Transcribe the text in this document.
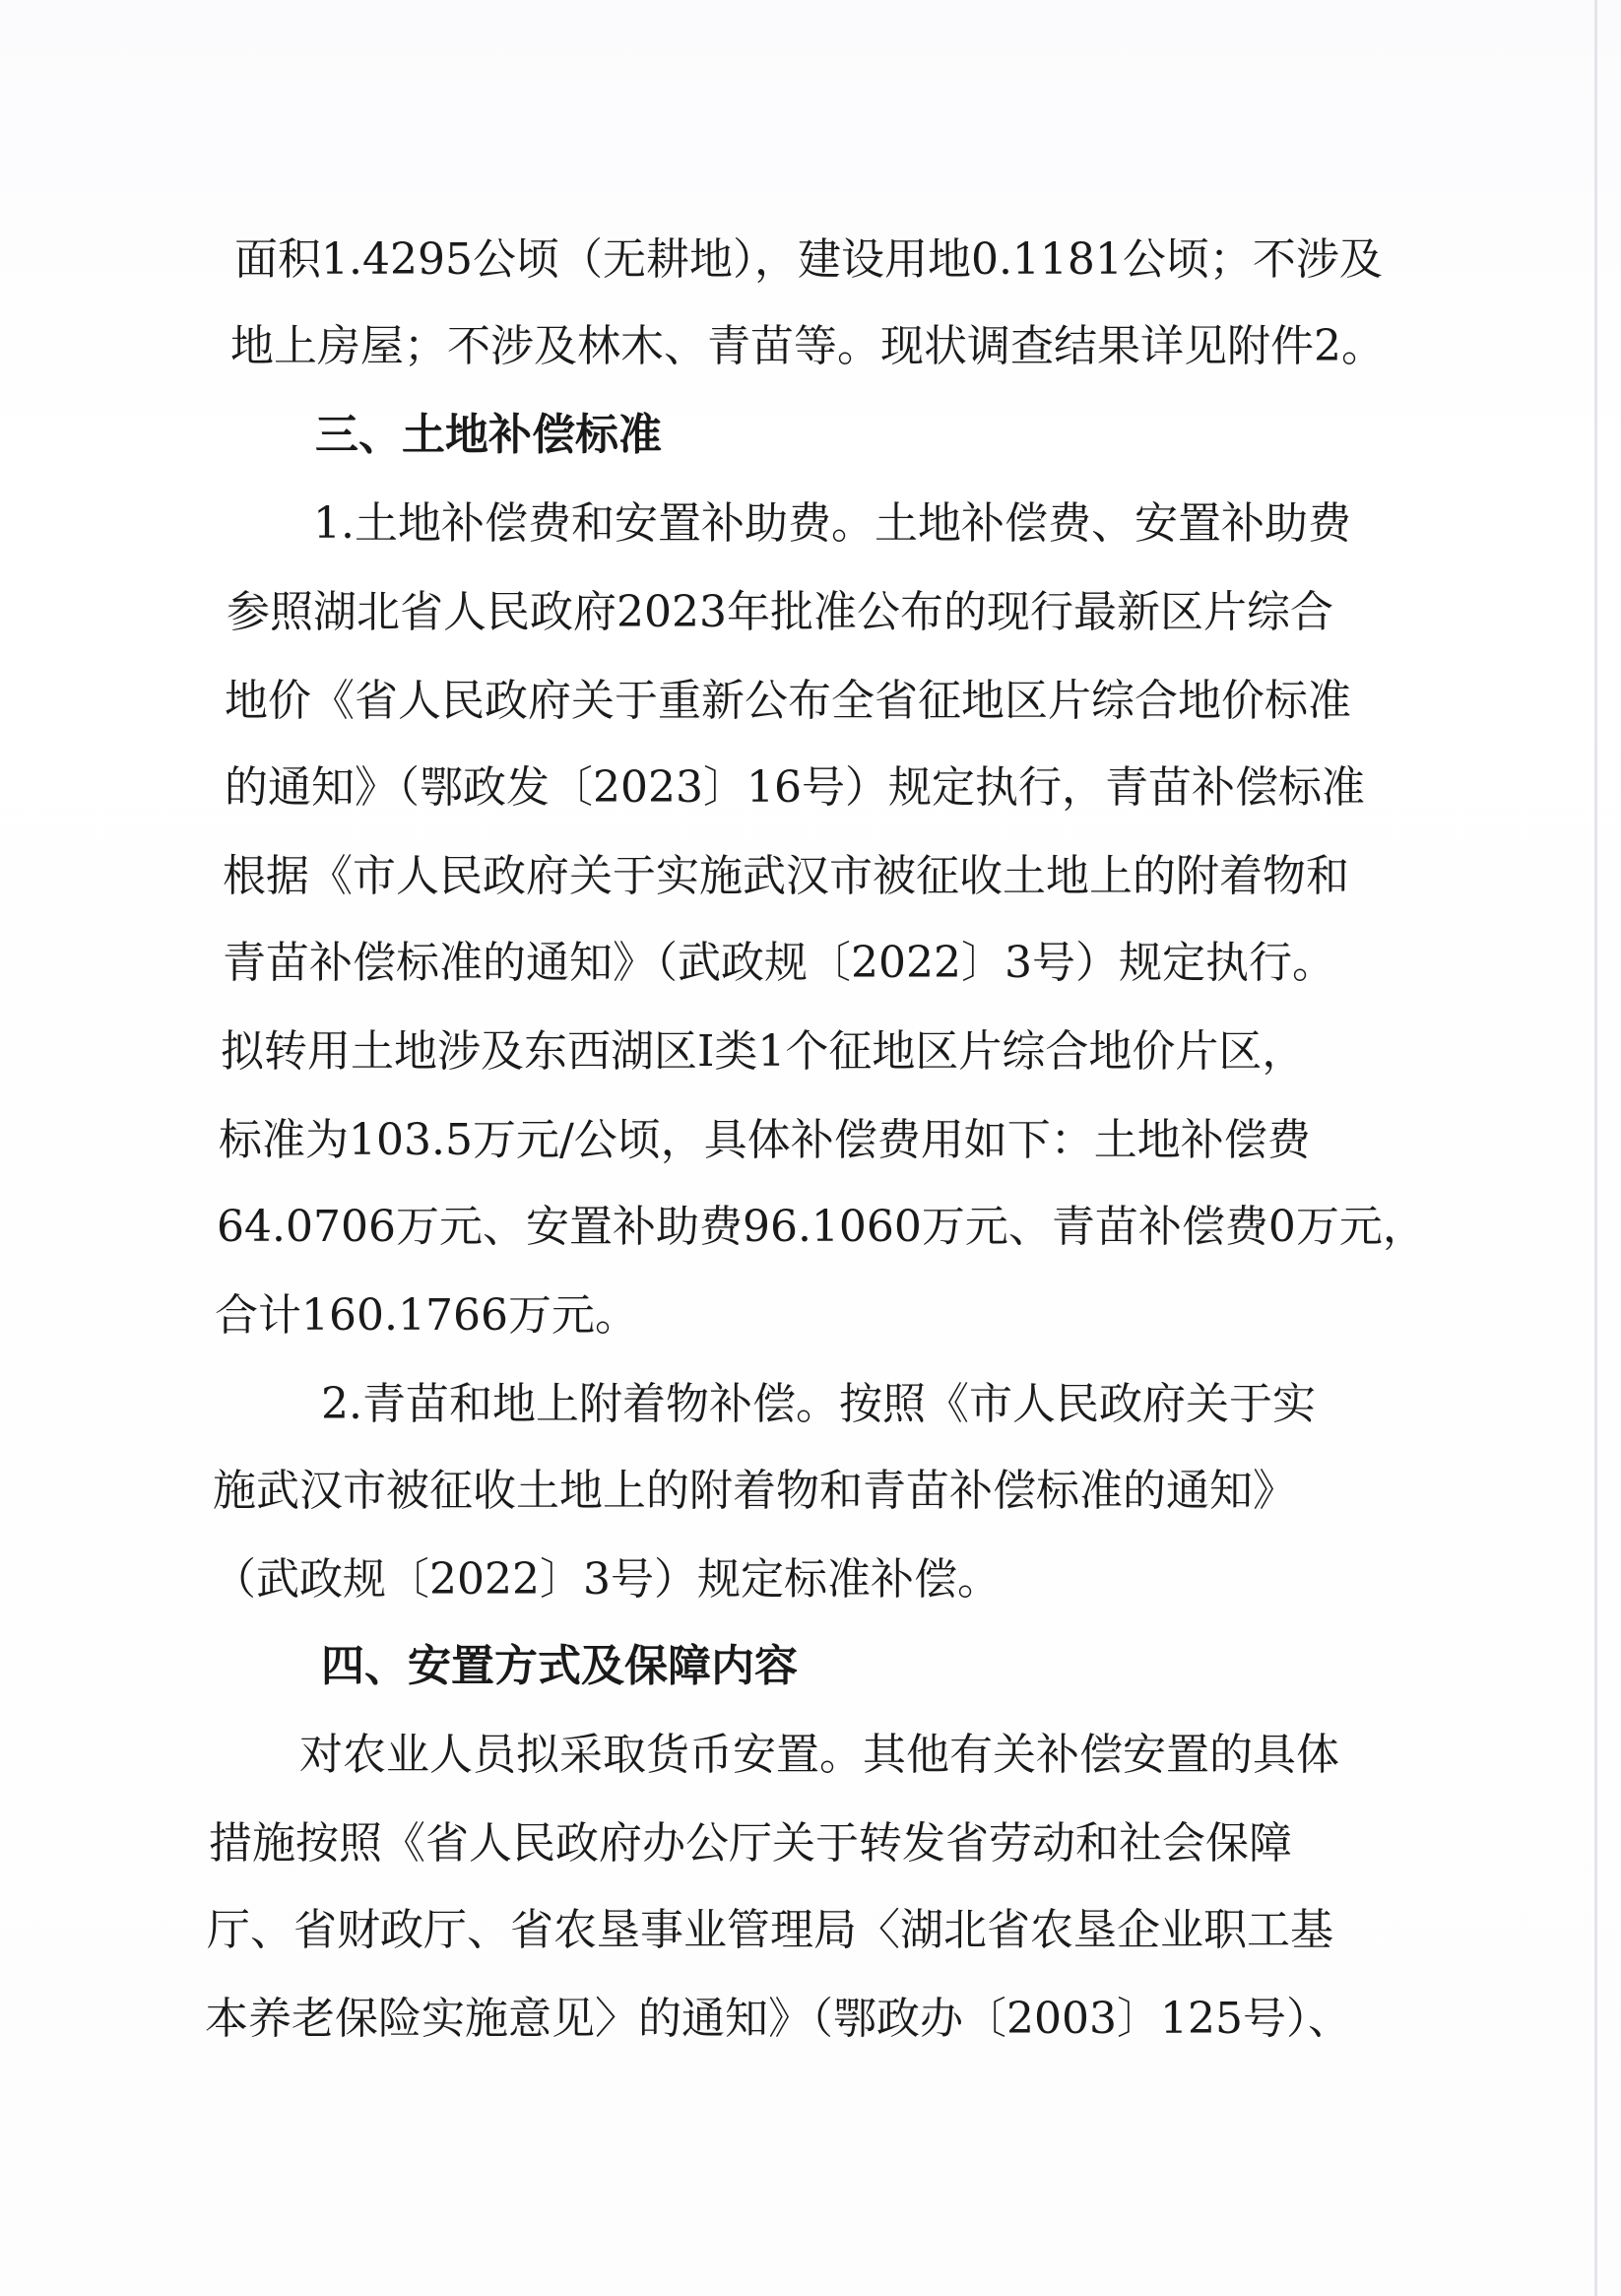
面积1.4295公顷（无耕地），建设用地0.1181公顷；不涉及
地上房屋；不涉及林木、青苗等。现状调查结果详见附件2。
三、土地补偿标准
1.土地补偿费和安置补助费。土地补偿费、安置补助费
参照湖北省人民政府2023年批准公布的现行最新区片综合
地价《省人民政府关于重新公布全省征地区片综合地价标准
的通知》（鄂政发〔2023〕16号）规定执行，青苗补偿标准
根据《市人民政府关于实施武汉市被征收土地上的附着物和
青苗补偿标准的通知》（武政规〔2022〕3号）规定执行。
拟转用土地涉及东西湖区Ⅰ类1个征地区片综合地价片区，
标准为103.5万元/公顷，具体补偿费用如下：土地补偿费
64.0706万元、安置补助费96.1060万元、青苗补偿费0万元，
合计160.1766万元。
2.青苗和地上附着物补偿。按照《市人民政府关于实
施武汉市被征收土地上的附着物和青苗补偿标准的通知》
（武政规〔2022〕3号）规定标准补偿。
四、安置方式及保障内容
对农业人员拟采取货币安置。其他有关补偿安置的具体
措施按照《省人民政府办公厅关于转发省劳动和社会保障
厅、省财政厅、省农垦事业管理局〈湖北省农垦企业职工基
本养老保险实施意见〉的通知》（鄂政办〔2003〕125号）、
